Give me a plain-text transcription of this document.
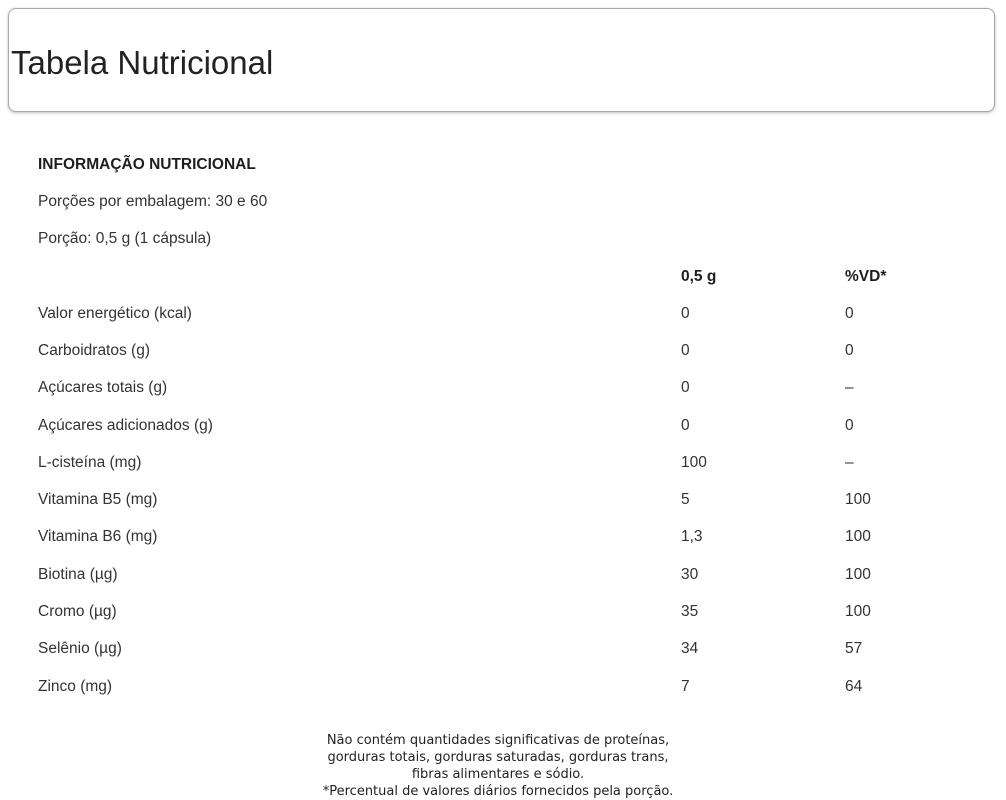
Tabela Nutricional
INFORMAÇÃO NUTRICIONAL
Porções por embalagem: 30 e 60
Porção: 0,5 g (1 cápsula)
	0,5 g	%VD*
Valor energético (kcal)	0	0
Carboidratos (g)	0	0
Açúcares totais (g)	0	–
Açúcares adicionados (g)	0	0
L-cisteína (mg)	100	–
Vitamina B5 (mg)	5	100
Vitamina B6 (mg)	1,3	100
Biotina (µg)	30	100
Cromo (µg)	35	100
Selênio (µg)	34	57
Zinco (mg)	7	64
Não contém quantidades significativas de proteínas,
gorduras totais, gorduras saturadas, gorduras trans,
fibras alimentares e sódio.
*Percentual de valores diários fornecidos pela porção.
